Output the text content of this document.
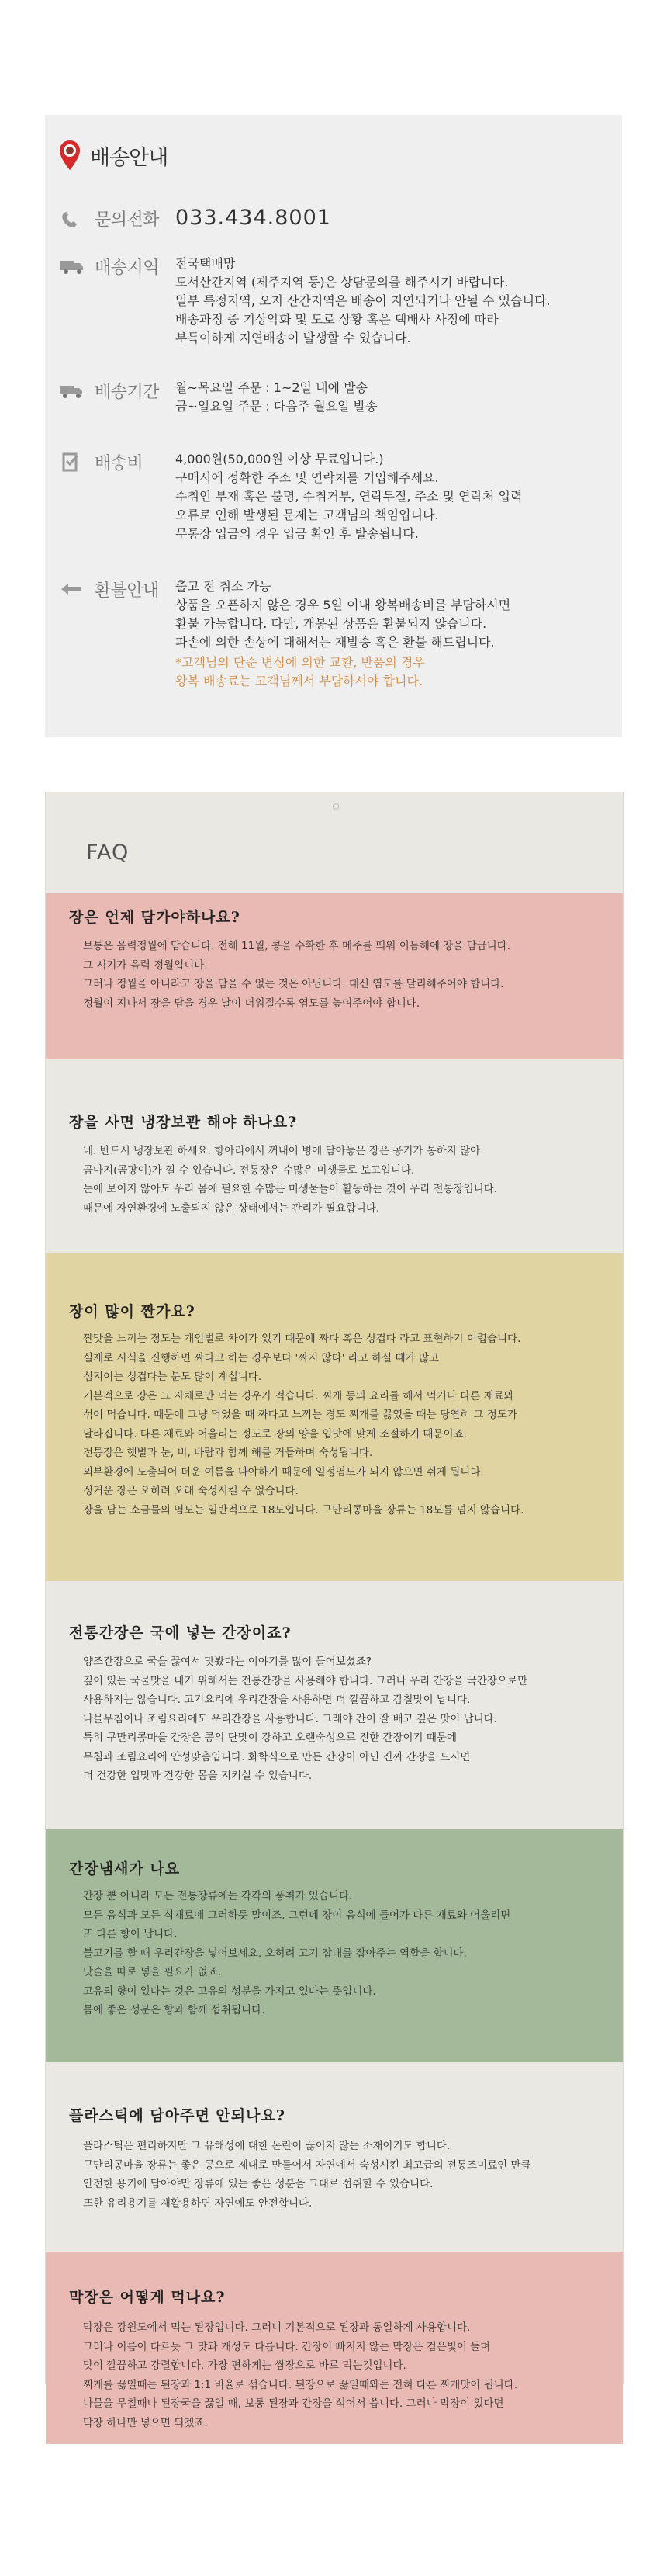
배송안내
문의전화 033.434.8001
배송지역 전국택배망
도서산간지역 (제주지역 등)은 상담문의를 해주시기 바랍니다.
일부 특정지역, 오지 산간지역은 배송이 지연되거나 안될 수 있습니다.
배송과정 중 기상악화 및 도로 상황 혹은 택배사 사정에 따라
부득이하게 지연배송이 발생할 수 있습니다.
배송기간 월~목요일 주문 : 1~2일 내에 발송
금~일요일 주문 : 다음주 월요일 발송
배송비	4,000원(50,000원 이상 무료입니다.)
구매시에 정확한 주소 및 연락처를 기입해주세요.
수취인 부재 혹은 불명, 수취거부, 연락두절, 주소 및 연락처 입력
오류로 인해 발생된 문제는 고객님의 책임입니다.
무통장 입금의 경우 입금 확인 후 발송됩니다.
환불안내 출고 전 취소 가능
상품을 오픈하지 않은 경우 5일 이내 왕복배송비를 부담하시면
환불 가능합니다. 다만, 개봉된 상품은 환불되지 않습니다.
파손에 의한 손상에 대해서는 재발송 혹은 환불 해드립니다.
*고객님의 단순 변심에 의한 교환, 반품의 경우
왕복 배송료는 고객님께서 부담하셔야 합니다.
FAQ
장은 언제 담가야하나요?
보통은 음력정월에 담습니다. 전해 11월, 콩을 수확한 후 메주를 띄워 이듬해에 장을 담급니다.
그 시기가 음력 정월입니다.
그러나 정월을 아니라고 장을 담을 수 없는 것은 아닙니다. 대신 염도를 달리해주어야 합니다.
정월이 지나서 장을 담을 경우 날이 더워질수록 염도를 높여주어야 합니다.
장을 사면 냉장보관 해야 하나요?
네. 반드시 냉장보관 하세요. 항아리에서 꺼내어 병에 담아놓은 장은 공기가 통하지 않아
곰마지(곰팡이)가 낄 수 있습니다. 전통장은 수많은 미생물로 보고입니다.
눈에 보이지 않아도 우리 몸에 필요한 수많은 미생물들이 활동하는 것이 우리 전통장입니다.
때문에 자연환경에 노출되지 않은 상태에서는 관리가 필요합니다.
장이 많이 짠가요?
짠맛을 느끼는 정도는 개인별로 차이가 있기 때문에 짜다 혹은 싱겁다 라고 표현하기 어렵습니다.
실제로 시식을 진행하면 짜다고 하는 경우보다 '짜지 않다' 라고 하실 때가 많고
심지어는 싱겁다는 분도 많이 계십니다.
기본적으로 장은 그 자체로만 먹는 경우가 적습니다. 찌개 등의 요리를 해서 먹거나 다른 재료와
섞어 먹습니다. 때문에 그냥 먹었을 때 짜다고 느끼는 경도 찌개를 끓였을 때는 당연히 그 정도가
달라집니다. 다른 재료와 어울리는 정도로 장의 양을 입맛에 맞게 조절하기 때문이죠.
전통장은 햇볕과 눈, 비, 바람과 함께 해를 거듭하며 숙성됩니다.
외부환경에 노출되어 더운 여름을 나야하기 때문에 일정염도가 되지 않으면 쉬게 됩니다.
싱거운 장은 오히려 오래 숙성시킬 수 없습니다.
장을 담는 소금물의 염도는 일반적으로 18도입니다. 구만리콩마을 장류는 18도를 넘지 않습니다.
전통간장은 국에 넣는 간장이죠?
양조간장으로 국을 끓여서 맛봤다는 이야기를 많이 들어보셨죠?
깊이 있는 국물맛을 내기 위해서는 전통간장을 사용해야 합니다. 그러나 우리 간장을 국간장으로만
사용하지는 않습니다. 고기요리에 우리간장을 사용하면 더 깔끔하고 감칠맛이 납니다.
나물무침이나 조림요리에도 우리간장을 사용합니다. 그래야 간이 잘 배고 깊은 맛이 납니다.
특히 구만리콩마을 간장은 콩의 단맛이 강하고 오랜숙성으로 진한 간장이기 때문에
무침과 조림요리에 안성맞춤입니다. 화학식으로 만든 간장이 아닌 진짜 간장을 드시면
더 건강한 입맛과 건강한 몸을 지키실 수 있습니다.
간장냄새가 나요
간장 뿐 아니라 모든 전통장류에는 각각의 풍취가 있습니다.
모든 음식과 모든 식재료에 그러하듯 말이죠. 그런데 장이 음식에 들어가 다른 재료와 어울리면
또 다른 향이 납니다.
불고기를 할 때 우리간장을 넣어보세요. 오히려 고기 잡내를 잡아주는 역할을 합니다.
맛술을 따로 넣을 필요가 없죠.
고유의 향이 있다는 것은 고유의 성분을 가지고 있다는 뜻입니다.
몸에 좋은 성분은 향과 함께 섭취됩니다.
플라스틱에 담아주면 안되나요?
플라스틱은 편리하지만 그 유해성에 대한 논란이 끊이지 않는 소재이기도 합니다.
구만리콩마을 장류는 좋은 콩으로 제대로 만들어서 자연에서 숙성시킨 최고급의 전통조미료인 만큼
안전한 용기에 담아야만 장류에 있는 좋은 성분을 그대로 섭취할 수 있습니다.
또한 유리용기를 재활용하면 자연에도 안전합니다.
막장은 어떻게 먹나요?
막장은 강원도에서 먹는 된장입니다. 그러니 기본적으로 된장과 동일하게 사용합니다.
그러나 이름이 다르듯 그 맛과 개성도 다릅니다. 간장이 빠지지 않는 막장은 검은빛이 돌며
맛이 깔끔하고 강렬합니다. 가장 편하게는 쌈장으로 바로 먹는것입니다.
찌개를 끓일때는 된장과 1:1 비율로 섞습니다. 된장으로 끓일때와는 전혀 다른 찌개맛이 됩니다.
나물을 무칠때나 된장국을 끓일 때, 보통 된장과 간장을 섞어서 씁니다. 그러나 막장이 있다면
막장 하나만 넣으면 되겠죠.
